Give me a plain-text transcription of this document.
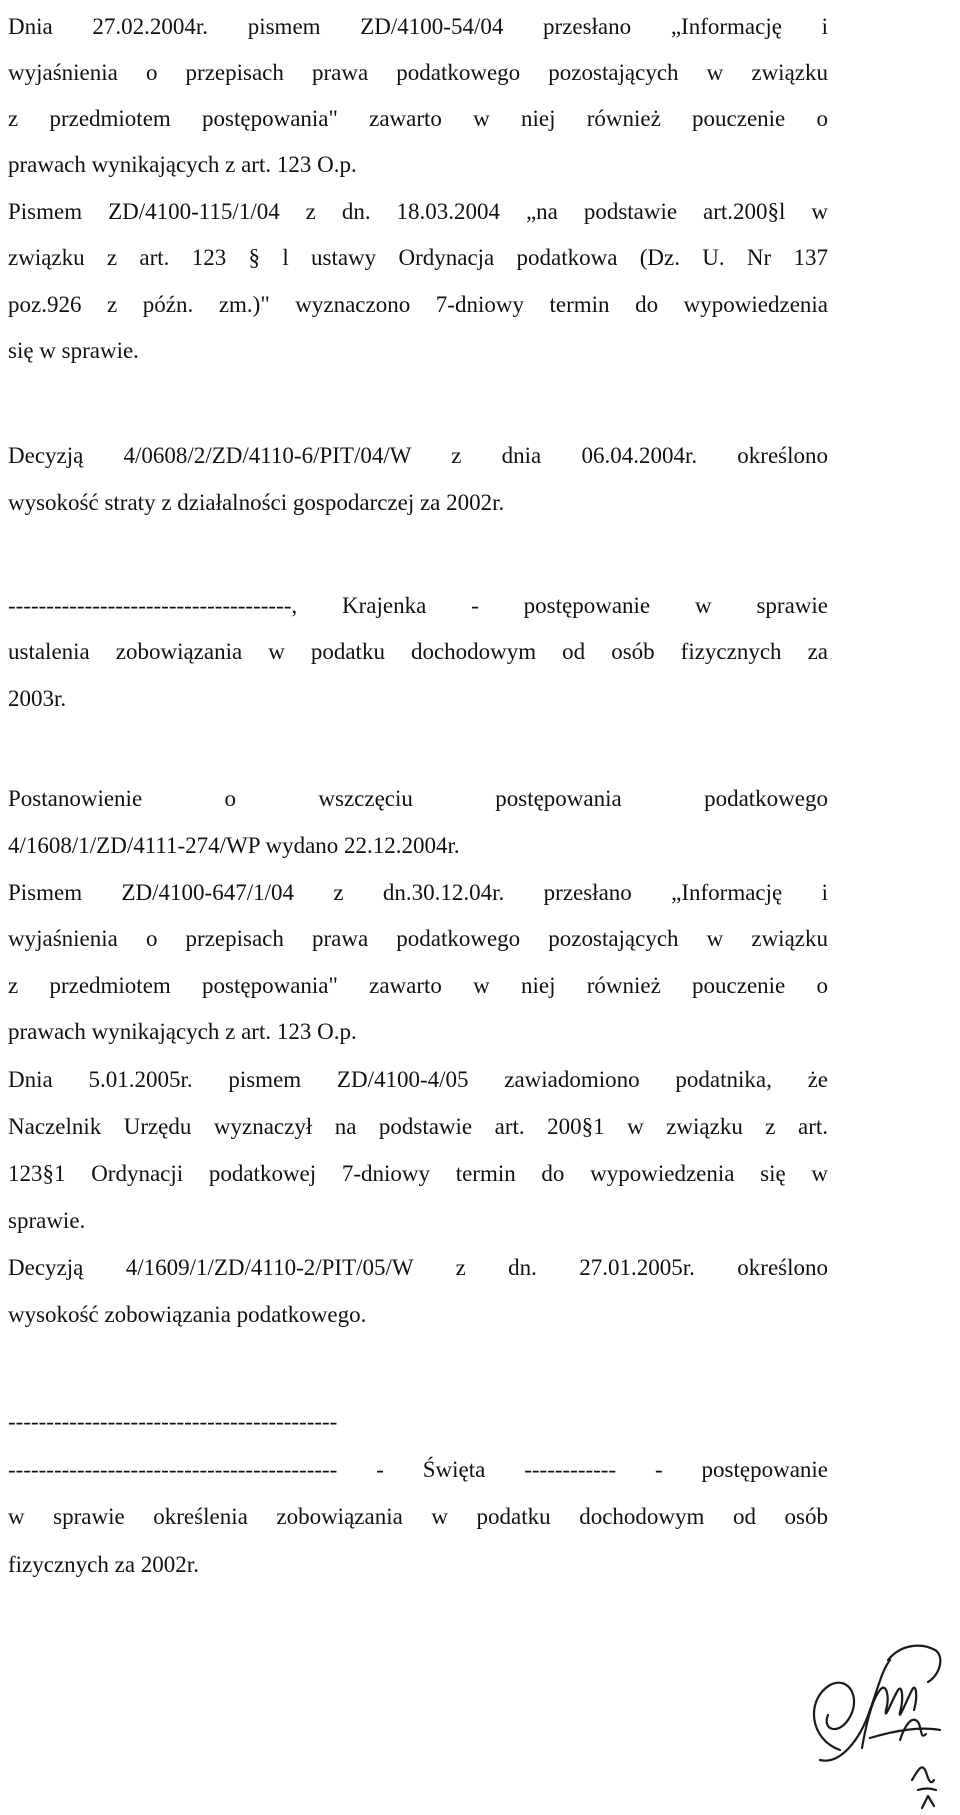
Dnia 27.02.2004r. pismem ZD/4100-54/04 przesłano „Informację i
wyjaśnienia o przepisach prawa podatkowego pozostających w związku
z przedmiotem postępowania" zawarto w niej również pouczenie o
prawach wynikających z art. 123 O.p.
Pismem ZD/4100-115/1/04 z dn. 18.03.2004 „na podstawie art.200§l w
związku z art. 123 § l ustawy Ordynacja podatkowa (Dz. U. Nr 137
poz.926 z późn. zm.)" wyznaczono 7-dniowy termin do wypowiedzenia
się w sprawie.
Decyzją 4/0608/2/ZD/4110-6/PIT/04/W z dnia 06.04.2004r. określono
wysokość straty z działalności gospodarczej za 2002r.
-------------------------------------, Krajenka - postępowanie w sprawie
ustalenia zobowiązania w podatku dochodowym od osób fizycznych za
2003r.
Postanowienie o wszczęciu postępowania podatkowego
4/1608/1/ZD/4111-274/WP wydano 22.12.2004r.
Pismem ZD/4100-647/1/04 z dn.30.12.04r. przesłano „Informację i
wyjaśnienia o przepisach prawa podatkowego pozostających w związku
z przedmiotem postępowania" zawarto w niej również pouczenie o
prawach wynikających z art. 123 O.p.
Dnia 5.01.2005r. pismem ZD/4100-4/05 zawiadomiono podatnika, że
Naczelnik Urzędu wyznaczył na podstawie art. 200§1 w związku z art.
123§1 Ordynacji podatkowej 7-dniowy termin do wypowiedzenia się w
sprawie.
Decyzją 4/1609/1/ZD/4110-2/PIT/05/W z dn. 27.01.2005r. określono
wysokość zobowiązania podatkowego.
-------------------------------------------
------------------------------------------- - Święta ------------ - postępowanie
w sprawie określenia zobowiązania w podatku dochodowym od osób
fizycznych za 2002r.
